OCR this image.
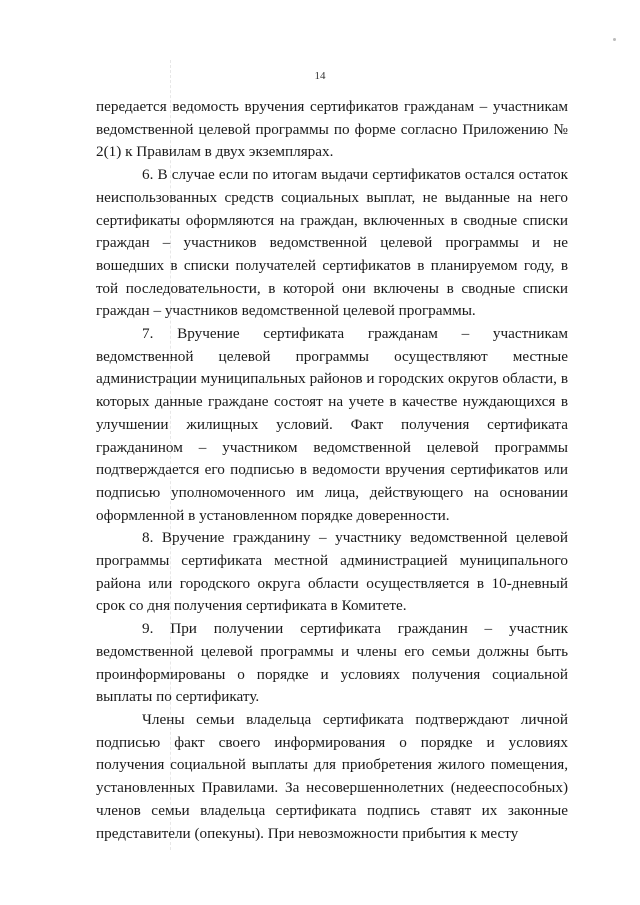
14

передается ведомость вручения сертификатов гражданам – участникам ведомственной целевой программы по форме согласно Приложению № 2(1) к Правилам в двух экземплярах.

6. В случае если по итогам выдачи сертификатов остался остаток неиспользованных средств социальных выплат, не выданные на него сертификаты оформляются на граждан, включенных в сводные списки граждан – участников ведомственной целевой программы и не вошедших в списки получателей сертификатов в планируемом году, в той последовательности, в которой они включены в сводные списки граждан – участников ведомственной целевой программы.

7. Вручение сертификата гражданам – участникам ведомственной целевой программы осуществляют местные администрации муниципальных районов и городских округов области, в которых данные граждане состоят на учете в качестве нуждающихся в улучшении жилищных условий. Факт получения сертификата гражданином – участником ведомственной целевой программы подтверждается его подписью в ведомости вручения сертификатов или подписью уполномоченного им лица, действующего на основании оформленной в установленном порядке доверенности.

8. Вручение гражданину – участнику ведомственной целевой программы сертификата местной администрацией муниципального района или городского округа области осуществляется в 10-дневный срок со дня получения сертификата в Комитете.

9. При получении сертификата гражданин – участник ведомственной целевой программы и члены его семьи должны быть проинформированы о порядке и условиях получения социальной выплаты по сертификату.

Члены семьи владельца сертификата подтверждают личной подписью факт своего информирования о порядке и условиях получения социальной выплаты для приобретения жилого помещения, установленных Правилами. За несовершеннолетних (недееспособных) членов семьи владельца сертификата подпись ставят их законные представители (опекуны). При невозможности прибытия к месту
